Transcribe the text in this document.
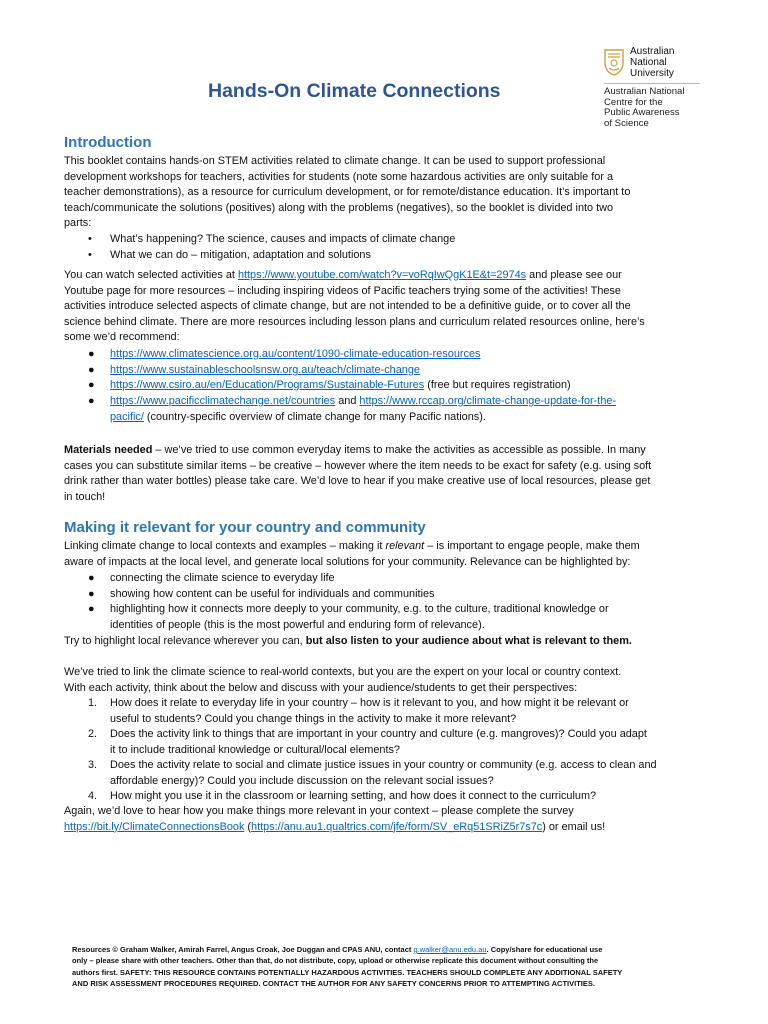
Australian
National
University
Australian National
Centre for the
Public Awareness
of Science
Hands-On Climate Connections
Introduction
This booklet contains hands-on STEM activities related to climate change. It can be used to support professional
development workshops for teachers, activities for students (note some hazardous activities are only suitable for a
teacher demonstrations), as a resource for curriculum development, or for remote/distance education. It’s important to
teach/communicate the solutions (positives) along with the problems (negatives), so the booklet is divided into two
parts:
• What’s happening? The science, causes and impacts of climate change
• What we can do – mitigation, adaptation and solutions
You can watch selected activities at https://www.youtube.com/watch?v=voRqIwQgK1E&t=2974s and please see our
Youtube page for more resources – including inspiring videos of Pacific teachers trying some of the activities! These
activities introduce selected aspects of climate change, but are not intended to be a definitive guide, or to cover all the
science behind climate. There are more resources including lesson plans and curriculum related resources online, here’s
some we’d recommend:
● https://www.climatescience.org.au/content/1090-climate-education-resources
● https://www.sustainableschoolsnsw.org.au/teach/climate-change
● https://www.csiro.au/en/Education/Programs/Sustainable-Futures (free but requires registration)
● https://www.pacificclimatechange.net/countries and https://www.rccap.org/climate-change-update-for-the-
pacific/ (country-specific overview of climate change for many Pacific nations).
Materials needed – we’ve tried to use common everyday items to make the activities as accessible as possible. In many
cases you can substitute similar items – be creative – however where the item needs to be exact for safety (e.g. using soft
drink rather than water bottles) please take care. We’d love to hear if you make creative use of local resources, please get
in touch!
Making it relevant for your country and community
Linking climate change to local contexts and examples – making it relevant – is important to engage people, make them
aware of impacts at the local level, and generate local solutions for your community. Relevance can be highlighted by:
● connecting the climate science to everyday life
● showing how content can be useful for individuals and communities
● highlighting how it connects more deeply to your community, e.g. to the culture, traditional knowledge or
identities of people (this is the most powerful and enduring form of relevance).
Try to highlight local relevance wherever you can, but also listen to your audience about what is relevant to them.
We’ve tried to link the climate science to real-world contexts, but you are the expert on your local or country context.
With each activity, think about the below and discuss with your audience/students to get their perspectives:
1. How does it relate to everyday life in your country – how is it relevant to you, and how might it be relevant or
useful to students? Could you change things in the activity to make it more relevant?
2. Does the activity link to things that are important in your country and culture (e.g. mangroves)? Could you adapt
it to include traditional knowledge or cultural/local elements?
3. Does the activity relate to social and climate justice issues in your country or community (e.g. access to clean and
affordable energy)? Could you include discussion on the relevant social issues?
4. How might you use it in the classroom or learning setting, and how does it connect to the curriculum?
Again, we’d love to hear how you make things more relevant in your context – please complete the survey
https://bit.ly/ClimateConnectionsBook (https://anu.au1.qualtrics.com/jfe/form/SV_eRq51SRiZ5r7s7c) or email us!
Resources © Graham Walker, Amirah Farrel, Angus Croak, Joe Duggan and CPAS ANU, contact g.walker@anu.edu.au. Copy/share for educational use
only – please share with other teachers. Other than that, do not distribute, copy, upload or otherwise replicate this document without consulting the
authors first. SAFETY: THIS RESOURCE CONTAINS POTENTIALLY HAZARDOUS ACTIVITIES. TEACHERS SHOULD COMPLETE ANY ADDITIONAL SAFETY
AND RISK ASSESSMENT PROCEDURES REQUIRED. CONTACT THE AUTHOR FOR ANY SAFETY CONCERNS PRIOR TO ATTEMPTING ACTIVITIES.
